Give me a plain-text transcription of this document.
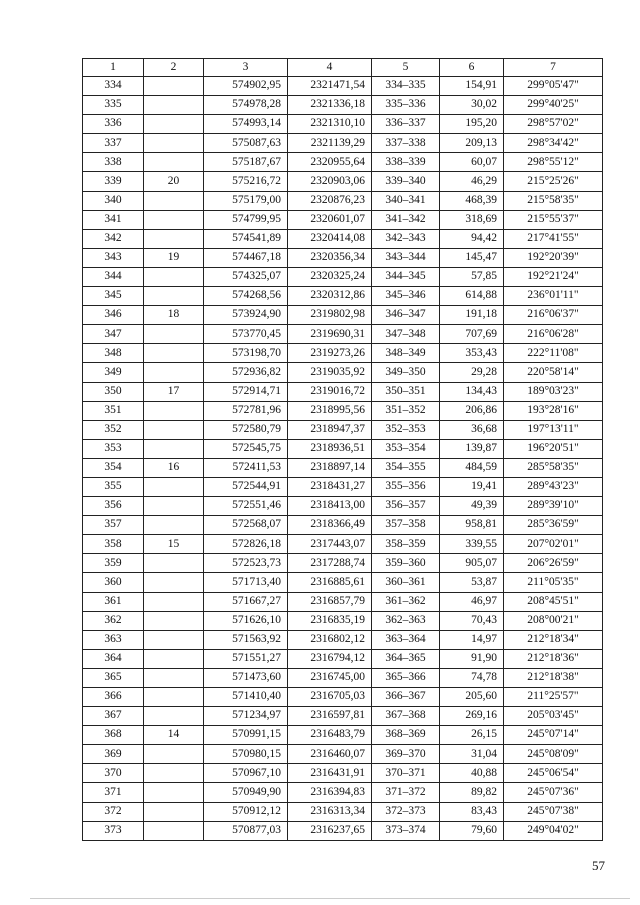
1	2	3	4	5	6	7
334		574902,95	2321471,54	334–335	154,91	299°05'47"
335		574978,28	2321336,18	335–336	30,02	299°40'25"
336		574993,14	2321310,10	336–337	195,20	298°57'02"
337		575087,63	2321139,29	337–338	209,13	298°34'42"
338		575187,67	2320955,64	338–339	60,07	298°55'12"
339	20	575216,72	2320903,06	339–340	46,29	215°25'26"
340		575179,00	2320876,23	340–341	468,39	215°58'35"
341		574799,95	2320601,07	341–342	318,69	215°55'37"
342		574541,89	2320414,08	342–343	94,42	217°41'55"
343	19	574467,18	2320356,34	343–344	145,47	192°20'39"
344		574325,07	2320325,24	344–345	57,85	192°21'24"
345		574268,56	2320312,86	345–346	614,88	236°01'11"
346	18	573924,90	2319802,98	346–347	191,18	216°06'37"
347		573770,45	2319690,31	347–348	707,69	216°06'28"
348		573198,70	2319273,26	348–349	353,43	222°11'08"
349		572936,82	2319035,92	349–350	29,28	220°58'14"
350	17	572914,71	2319016,72	350–351	134,43	189°03'23"
351		572781,96	2318995,56	351–352	206,86	193°28'16"
352		572580,79	2318947,37	352–353	36,68	197°13'11"
353		572545,75	2318936,51	353–354	139,87	196°20'51"
354	16	572411,53	2318897,14	354–355	484,59	285°58'35"
355		572544,91	2318431,27	355–356	19,41	289°43'23"
356		572551,46	2318413,00	356–357	49,39	289°39'10"
357		572568,07	2318366,49	357–358	958,81	285°36'59"
358	15	572826,18	2317443,07	358–359	339,55	207°02'01"
359		572523,73	2317288,74	359–360	905,07	206°26'59"
360		571713,40	2316885,61	360–361	53,87	211°05'35"
361		571667,27	2316857,79	361–362	46,97	208°45'51"
362		571626,10	2316835,19	362–363	70,43	208°00'21"
363		571563,92	2316802,12	363–364	14,97	212°18'34"
364		571551,27	2316794,12	364–365	91,90	212°18'36"
365		571473,60	2316745,00	365–366	74,78	212°18'38"
366		571410,40	2316705,03	366–367	205,60	211°25'57"
367		571234,97	2316597,81	367–368	269,16	205°03'45"
368	14	570991,15	2316483,79	368–369	26,15	245°07'14"
369		570980,15	2316460,07	369–370	31,04	245°08'09"
370		570967,10	2316431,91	370–371	40,88	245°06'54"
371		570949,90	2316394,83	371–372	89,82	245°07'36"
372		570912,12	2316313,34	372–373	83,43	245°07'38"
373		570877,03	2316237,65	373–374	79,60	249°04'02"
57
